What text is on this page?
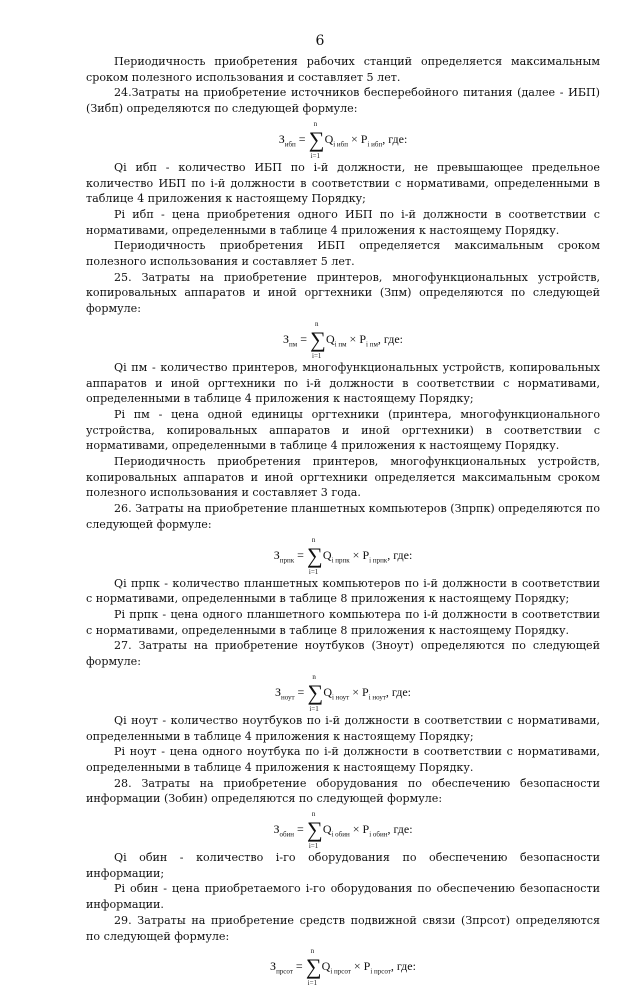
6

Периодичность приобретения рабочих станций определяется максимальным сроком полезного использования и составляет 5 лет.

24.Затраты на приобретение источников бесперебойного питания (далее - ИБП) (Зибп) определяются по следующей формуле:

$З_{ибп}$ = ∑
n
i=1
$Q_{i ибп} \times P_{i ибп}$, где:

Qi ибп - количество ИБП по i-й должности, не превышающее предельное количество ИБП по i-й должности в соответствии с нормативами, определенными в таблице 4 приложения к настоящему Порядку;

Pi ибп - цена приобретения одного ИБП по i-й должности в соответствии с нормативами, определенными в таблице 4 приложения к настоящему Порядку.

Периодичность приобретения ИБП определяется максимальным сроком полезного использования и составляет 5 лет.

25. Затраты на приобретение принтеров, многофункциональных устройств, копировальных аппаратов и иной оргтехники (Зпм) определяются по следующей формуле:

$З_{пм}$ = ∑
n
i=1
$Q_{i пм} \times P_{i пм}$, где:

Qi пм - количество принтеров, многофункциональных устройств, копировальных аппаратов и иной оргтехники по i-й должности в соответствии с нормативами, определенными в таблице 4 приложения к настоящему Порядку;

Pi пм - цена одной единицы оргтехники (принтера, многофункционального устройства, копировальных аппаратов и иной оргтехники) в соответствии с нормативами, определенными в таблице 4 приложения к настоящему Порядку.

Периодичность приобретения принтеров, многофункциональных устройств, копировальных аппаратов и иной оргтехники определяется максимальным сроком полезного использования и составляет 3 года.

26. Затраты на приобретение планшетных компьютеров (Зпрпк) определяются по следующей формуле:

$З_{прпк}$ = ∑
n
i=1
$Q_{i прпк} \times P_{i прпк}$, где:

Qi прпк - количество планшетных компьютеров по i-й должности в соответствии с нормативами, определенными в таблице 8 приложения к настоящему Порядку;

Pi прпк - цена одного планшетного компьютера по i-й должности в соответствии с нормативами, определенными в таблице 8 приложения к настоящему Порядку.

27. Затраты на приобретение ноутбуков (Зноут) определяются по следующей формуле:

$З_{ноут}$ = ∑
n
i=1
$Q_{i ноут} \times P_{i ноут}$, где:

Qi ноут - количество ноутбуков по i-й должности в соответствии с нормативами, определенными в таблице 4 приложения к настоящему Порядку;

Pi ноут - цена одного ноутбука по i-й должности в соответствии с нормативами, определенными в таблице 4 приложения к настоящему Порядку.

28. Затраты на приобретение оборудования по обеспечению безопасности информации (Зобин) определяются по следующей формуле:

$З_{обин}$ = ∑
n
i=1
$Q_{i обин} \times P_{i обин}$, где:

Qi обин - количество i-го оборудования по обеспечению безопасности информации;

Pi обин - цена приобретаемого i-го оборудования по обеспечению безопасности информации.

29. Затраты на приобретение средств подвижной связи (Зпрсот) определяются по следующей формуле:

$З_{прсот}$ = ∑
n
i=1
$Q_{i прсот} \times P_{i прсот}$, где:
